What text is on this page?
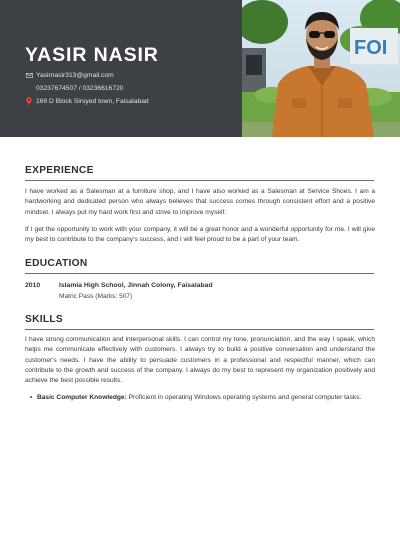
YASIR NASIR
Yasirnasir313@gmail.com
03237674507 / 03236616720
169 D Block Sirsyed town, Faisalabad
FOI
EXPERIENCE

I have worked as a Salesman at a furniture shop, and I have also worked as a Salesman at Service Shoes. I am a hardworking and dedicated person who always believes that success comes through consistent effort and a positive mindset. I always put my hard work first and strive to improve myself.

If I get the opportunity to work with your company, it will be a great honor and a wonderful opportunity for me. I will give my best to contribute to the company's success, and I will feel proud to be a part of your team.

EDUCATION
2010	Islamia High School, Jinnah Colony, Faisalabad
Matric Pass (Marks: 507)
SKILLS

I have strong communication and interpersonal skills. I can control my tone, pronunciation, and the way I speak, which helps me communicate effectively with customers. I always try to build a positive conversation and understand the customer's needs. I have the ability to persuade customers in a professional and respectful manner, which can contribute to the growth and success of the company. I always do my best to represent my organization positively and achieve the best possible results.

• Basic Computer Knowledge: Proficient in operating Windows operating systems and general computer tasks.
